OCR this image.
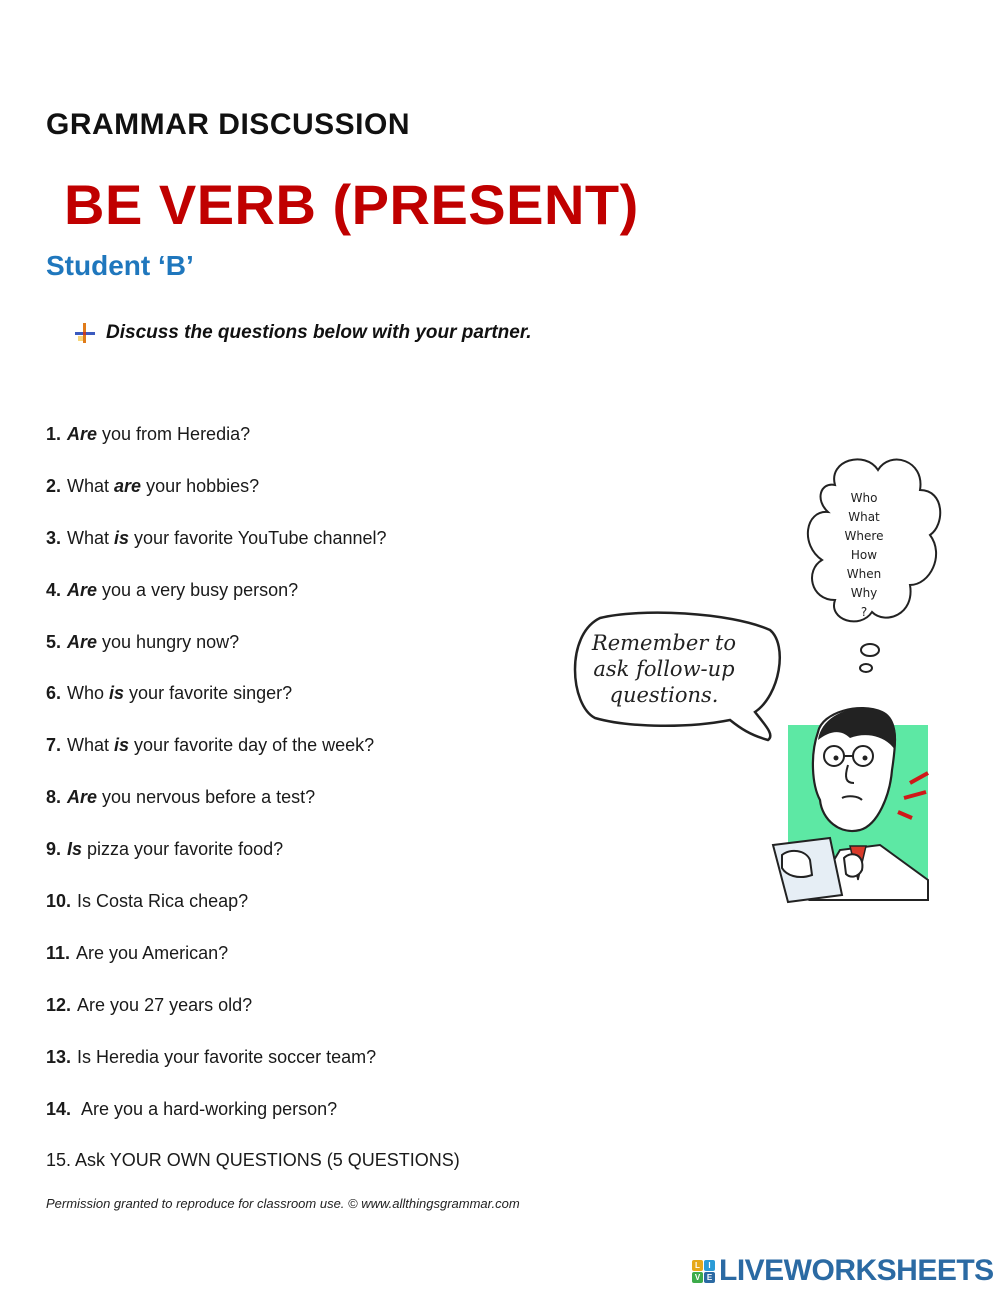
GRAMMAR DISCUSSION
BE VERB (PRESENT)
Student ‘B’
Discuss the questions below with your partner.
1. Are you from Heredia?
2. What are your hobbies?
3. What is your favorite YouTube channel?
4. Are you a very busy person?
5. Are you hungry now?
6. Who is your favorite singer?
7. What is your favorite day of the week?
8. Are you nervous before a test?
9. Is pizza your favorite food?
10. Is Costa Rica cheap?
11. Are you American?
12. Are you 27 years old?
13. Is Heredia your favorite soccer team?
14. Are you a hard-working person?
15. Ask YOUR OWN QUESTIONS (5 QUESTIONS)
Who
What
Where
How
When
Why
?
Remember to
ask follow-up
questions.
Permission granted to reproduce for classroom use. © www.allthingsgrammar.com
L	I
V E LIVEWORKSHEETS
